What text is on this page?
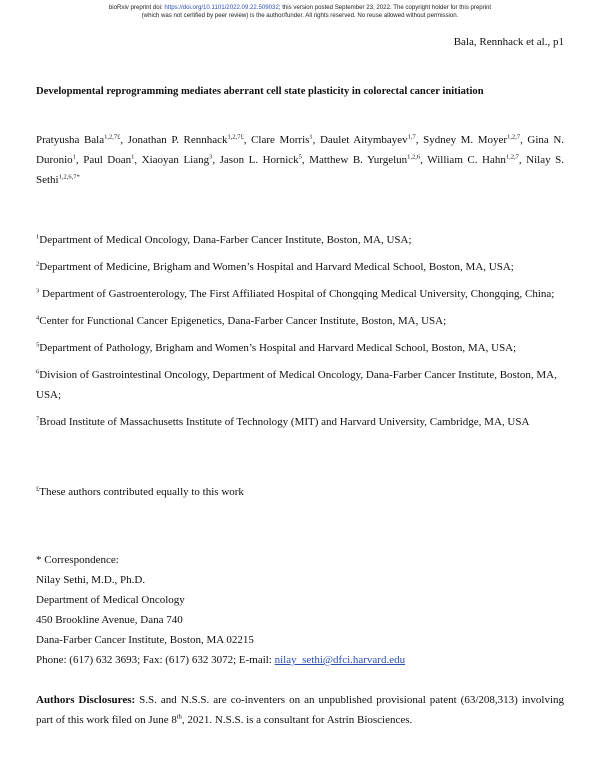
bioRxiv preprint doi: https://doi.org/10.1101/2022.09.22.509032; this version posted September 23, 2022. The copyright holder for this preprint
(which was not certified by peer review) is the author/funder. All rights reserved. No reuse allowed without permission.
Bala, Rennhack et al., p1
Developmental reprogramming mediates aberrant cell state plasticity in colorectal cancer initiation
Pratyusha Bala$^{1,2,7£}$, Jonathan P. Rennhack$^{1,2,7£}$, Clare Morris$^1$, Daulet Aitymbayev$^{1,7}$, Sydney M. Moyer$^{1,2,7}$, Gina N. Duronio$^1$, Paul Doan$^1$, Xiaoyan Liang$^3$, Jason L. Hornick$^5$, Matthew B. Yurgelun$^{1,2,6}$, William C. Hahn$^{1,2,7}$, Nilay S. Sethi$^{1,2,6,7*}$
$^1$Department of Medical Oncology, Dana-Farber Cancer Institute, Boston, MA, USA;
$^2$Department of Medicine, Brigham and Women’s Hospital and Harvard Medical School, Boston, MA, USA;
$^3$ Department of Gastroenterology, The First Affiliated Hospital of Chongqing Medical University, Chongqing, China;
$^4$Center for Functional Cancer Epigenetics, Dana-Farber Cancer Institute, Boston, MA, USA;
$^5$Department of Pathology, Brigham and Women’s Hospital and Harvard Medical School, Boston, MA, USA;
$^6$Division of Gastrointestinal Oncology, Department of Medical Oncology, Dana-Farber Cancer Institute, Boston, MA, USA;
$^7$Broad Institute of Massachusetts Institute of Technology (MIT) and Harvard University, Cambridge, MA, USA
£These authors contributed equally to this work
* Correspondence:
Nilay Sethi, M.D., Ph.D.
Department of Medical Oncology
450 Brookline Avenue, Dana 740
Dana-Farber Cancer Institute, Boston, MA 02215
Phone: (617) 632 3693; Fax: (617) 632 3072; E-mail: nilay_sethi@dfci.harvard.edu
Authors Disclosures: S.S. and N.S.S. are co-inventers on an unpublished provisional patent (63/208,313) involving part of this work filed on June 8th, 2021. N.S.S. is a consultant for Astrin Biosciences.
